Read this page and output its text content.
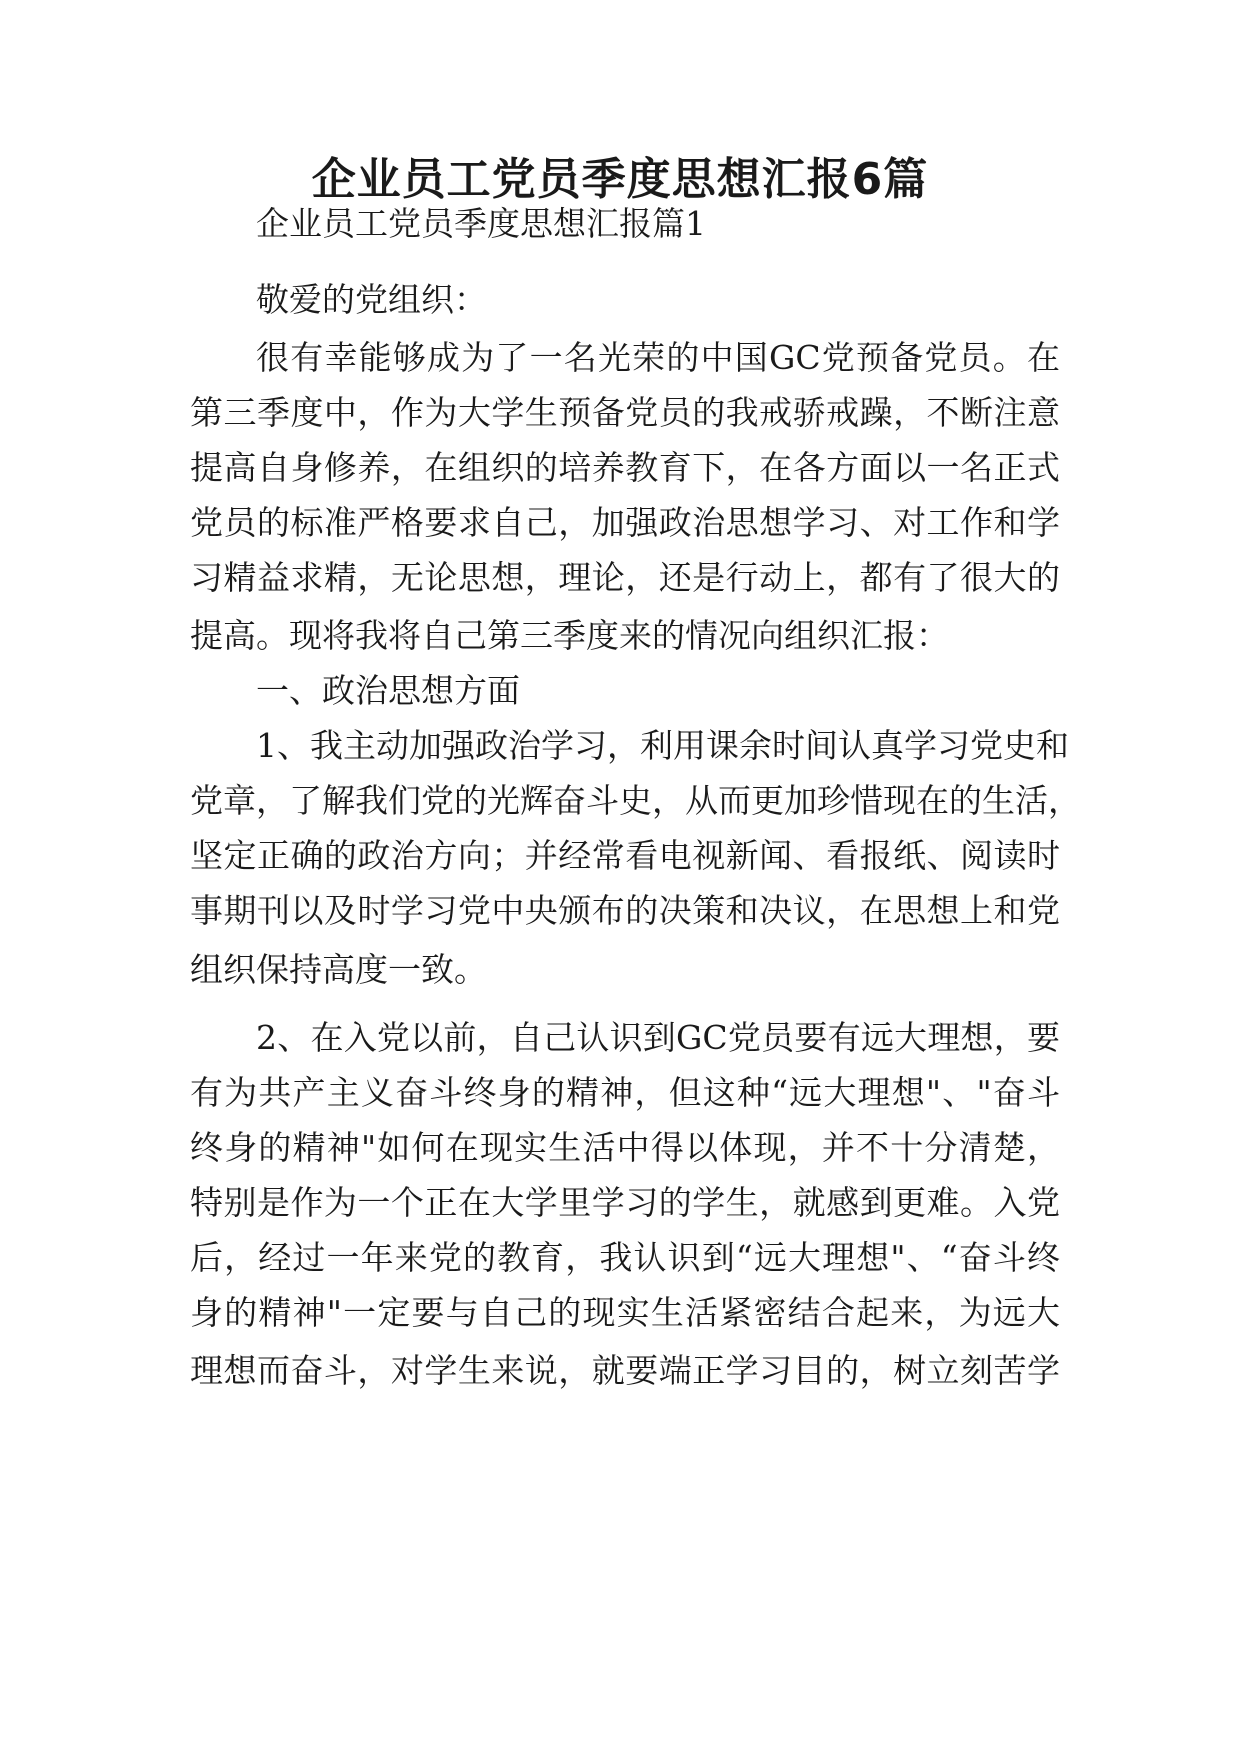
企业员工党员季度思想汇报6篇

企业员工党员季度思想汇报篇1

敬爱的党组织：

很有幸能够成为了一名光荣的中国GC党预备党员。在

第三季度中，作为大学生预备党员的我戒骄戒躁，不断注意

提高自身修养，在组织的培养教育下，在各方面以一名正式

党员的标准严格要求自己，加强政治思想学习、对工作和学

习精益求精，无论思想，理论，还是行动上，都有了很大的

提高。现将我将自己第三季度来的情况向组织汇报：

一、政治思想方面

1、我主动加强政治学习，利用课余时间认真学习党史和

党章，了解我们党的光辉奋斗史，从而更加珍惜现在的生活，

坚定正确的政治方向；并经常看电视新闻、看报纸、阅读时

事期刊以及时学习党中央颁布的决策和决议，在思想上和党

组织保持高度一致。

2、在入党以前，自己认识到GC党员要有远大理想，要

有为共产主义奋斗终身的精神，但这种“远大理想"、"奋斗

终身的精神"如何在现实生活中得以体现，并不十分清楚，

特别是作为一个正在大学里学习的学生，就感到更难。入党

后，经过一年来党的教育，我认识到“远大理想"、“奋斗终

身的精神"一定要与自己的现实生活紧密结合起来，为远大

理想而奋斗，对学生来说，就要端正学习目的，树立刻苦学
